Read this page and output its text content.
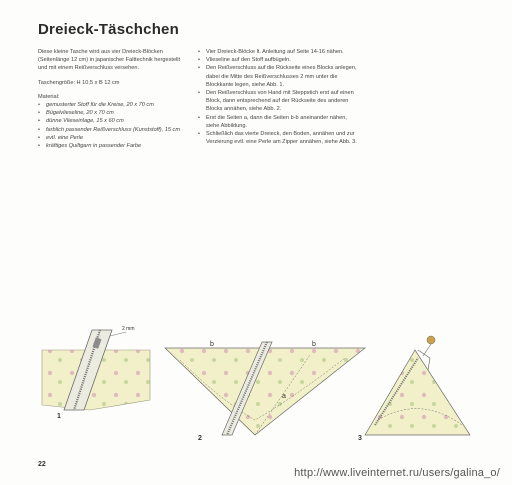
Dreieck-Täschchen

Diese kleine Tasche wird aus vier Dreieck-Blöcken (Seitenlänge 12 cm) in japanischer Falttechnik hergestellt und mit einem Reißverschluss versehen.

Taschengröße: H 10,5 x B 12 cm

Material:

• gemusterter Stoff für die Kreise, 20 x 70 cm
• Bügelvlieseline, 20 x 70 cm
• dünne Vlieseinlage, 15 x 60 cm
• farblich passender Reißverschluss (Kunststoff), 15 cm
• evtl. eine Perle
• kräftiges Quiltgarn in passender Farbe
• Vier Dreieck-Blöcke lt. Anleitung auf Seite 14-16 nähen.
• Vlieseline auf den Stoff aufbügeln.
• Den Reißverschluss auf die Rückseite eines Blocks anlegen, dabei die Mitte des Reißverschlusses 2 mm unter die Blockkante legen, siehe Abb. 1.
• Den Reißverschluss von Hand mit Steppstich erst auf einen Block, dann entsprechend auf der Rückseite des anderen Blocks annähen, siehe Abb. 2.
• Erst die Seiten a, dann die Seiten b-b aneinander nähen, siehe Abbildung.
• Schließlich das vierte Dreieck, den Boden, annähen und zur Verzierung evtl. eine Perle am Zipper annähen, siehe Abb. 3.
2 mm
1
b	b
a
2	3
22
http://www.liveinternet.ru/users/galina_o/
